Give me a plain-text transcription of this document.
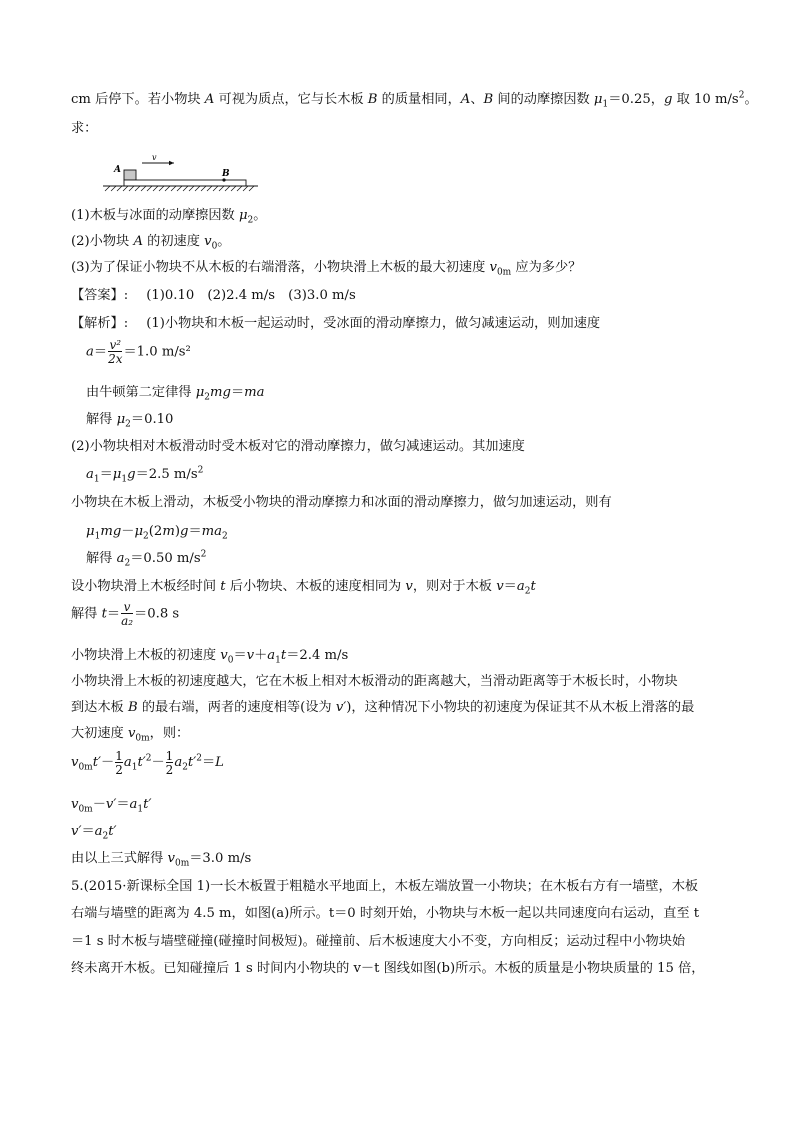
cm 后停下。若小物块 A 可视为质点，它与长木板 B 的质量相同，A、B 间的动摩擦因数 $\mu_1=0.25$，g 取 10 $m/s^2$。
求：
A
v
B
(1)木板与冰面的动摩擦因数 $\mu_2$。
(2)小物块 A 的初速度 $v_0$。
(3)为了保证小物块不从木板的右端滑落，小物块滑上木板的最大初速度 $v_{0m}$ 应为多少？
【答案】: (1)0.10　(2)2.4 m/s　(3)3.0 m/s
【解析】: (1)小物块和木板一起运动时，受冰面的滑动摩擦力，做匀减速运动，则加速度
$a= \frac{\text{v²}}{2x} =1.0$ m/s²
由牛顿第二定律得 $\mu_2mg=ma$
解得 $\mu_2=0.10$
(2)小物块相对木板滑动时受木板对它的滑动摩擦力，做匀减速运动。其加速度
$a_1=\mu_1g=2.5$ $m/s^2$
小物块在木板上滑动，木板受小物块的滑动摩擦力和冰面的滑动摩擦力，做匀加速运动，则有
$\mu_1mg-\mu_2(2m)g=ma_2$
解得 $a_2=0.50$ $m/s^2$
设小物块滑上木板经时间 t 后小物块、木板的速度相同为 v，则对于木板 $v=a_2t$
解得 $t= \frac{v}{\text{a₂}} =0.8$ s
小物块滑上木板的初速度 $v_0=v+a_1t=2.4$ m/s
小物块滑上木板的初速度越大，它在木板上相对木板滑动的距离越大，当滑动距离等于木板长时，小物块
到达木板 B 的最右端，两者的速度相等(设为 v′)，这种情况下小物块的初速度为保证其不从木板上滑落的最
大初速度 $v_{0m}$，则：
$v_{0m}t'- \frac{1}{2} a_1t'^2- \frac{1}{2} a_2t'^2=L$
$v_{0m}-v'=a_1t'$
$v'=a_2t'$
由以上三式解得 $v_{0m}=3.0$ m/s
5.(2015·新课标全国 1)一长木板置于粗糙水平地面上，木板左端放置一小物块；在木板右方有一墙壁，木板
右端与墙壁的距离为 4.5 m，如图(a)所示。t＝0 时刻开始，小物块与木板一起以共同速度向右运动，直至 t
＝1 s 时木板与墙壁碰撞(碰撞时间极短)。碰撞前、后木板速度大小不变，方向相反；运动过程中小物块始
终未离开木板。已知碰撞后 1 s 时间内小物块的 v－t 图线如图(b)所示。木板的质量是小物块质量的 15 倍，
